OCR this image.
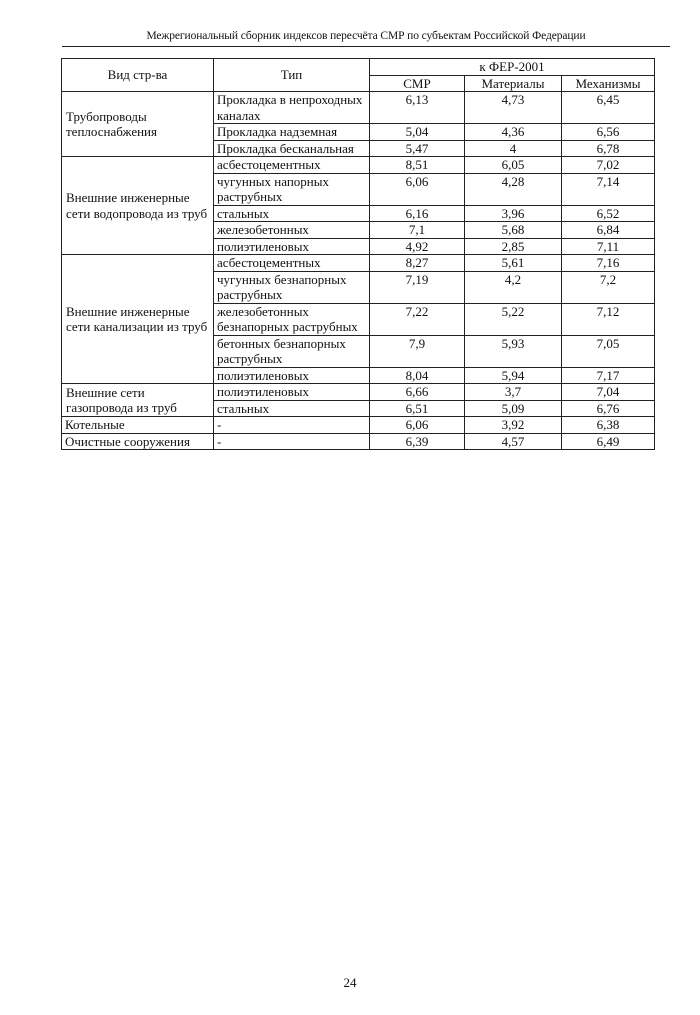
Межрегиональный сборник индексов пересчёта СМР по субъектам Российской Федерации
Вид стр-ва	Тип	к ФЕР-2001		
		СМР	Материалы	Механизмы
Трубопроводы теплоснабжения	Прокладка в непроходных каналах	6,13	4,73	6,45
	Прокладка надземная	5,04	4,36	6,56
	Прокладка бесканальная	5,47	4	6,78
Внешние инженерные сети водопровода из труб	асбестоцементных	8,51	6,05	7,02
	чугунных напорных раструбных	6,06	4,28	7,14
	стальных	6,16	3,96	6,52
	железобетонных	7,1	5,68	6,84
	полиэтиленовых	4,92	2,85	7,11
Внешние инженерные сети канализации из труб	асбестоцементных	8,27	5,61	7,16
	чугунных безнапорных раструбных	7,19	4,2	7,2
	железобетонных безнапорных раструбных	7,22	5,22	7,12
	бетонных безнапорных раструбных	7,9	5,93	7,05
	полиэтиленовых	8,04	5,94	7,17
Внешние сети газопровода из труб	полиэтиленовых	6,66	3,7	7,04
	стальных	6,51	5,09	6,76
Котельные	-	6,06	3,92	6,38
Очистные сооружения	-	6,39	4,57	6,49
24
